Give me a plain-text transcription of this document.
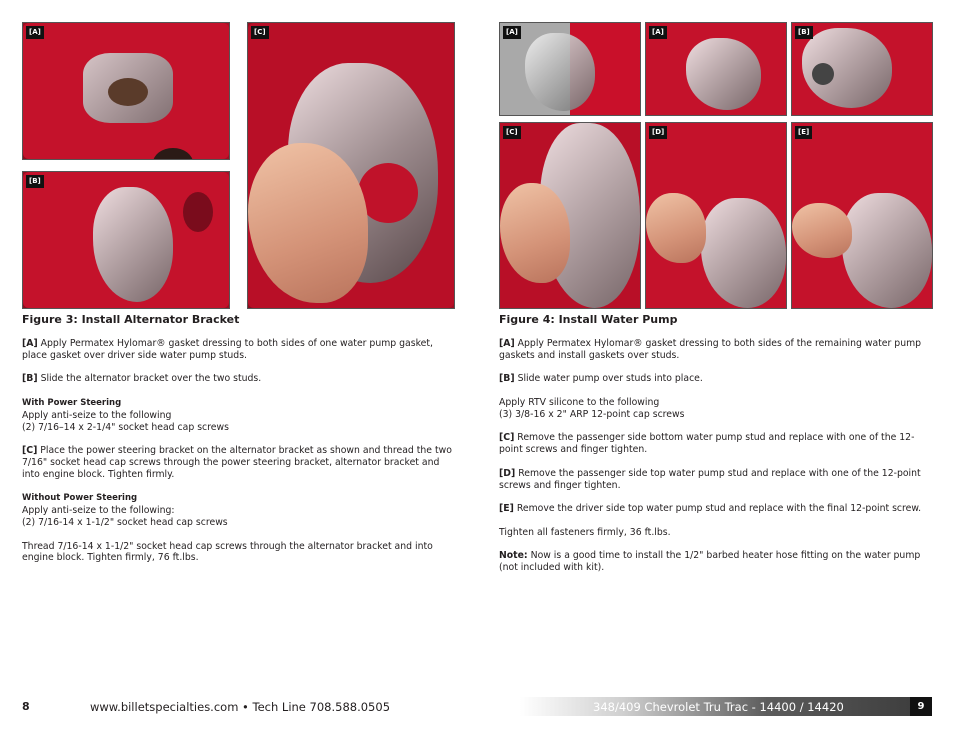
[A]
[B]
[C]	[A]	[A]	[B]
[C]	[D]	[E]
Figure 3: Install Alternator Bracket	Figure 4: Install Water Pump

[A] Apply Permatex Hylomar® gasket dressing to both sides of one water pump gasket, place gasket over driver side water pump studs.

[B] Slide the alternator bracket over the two studs.

With Power Steering
Apply anti-seize to the following
(2) 7/16–14 x 2-1/4" socket head cap screws

[C] Place the power steering bracket on the alternator bracket as shown and thread the two 7/16" socket head cap screws through the power steering bracket, alternator bracket and into engine block. Tighten firmly.

Without Power Steering
Apply anti-seize to the following:
(2) 7/16-14 x 1-1/2" socket head cap screws

Thread 7/16-14 x 1-1/2" socket head cap screws through the alternator bracket and into engine block. Tighten firmly, 76 ft.lbs.

[A] Apply Permatex Hylomar® gasket dressing to both sides of the remaining water pump gaskets and install gaskets over studs.

[B] Slide water pump over studs into place.

Apply RTV silicone to the following
(3) 3/8-16 x 2" ARP 12-point cap screws

[C] Remove the passenger side bottom water pump stud and replace with one of the 12-point screws and finger tighten.

[D] Remove the passenger side top water pump stud and replace with one of the 12-point screws and finger tighten.

[E] Remove the driver side top water pump stud and replace with the final 12-point screw.

Tighten all fasteners firmly, 36 ft.lbs.

Note: Now is a good time to install the 1/2" barbed heater hose fitting on the water pump (not included with kit).

8	www.billetspecialties.com • Tech Line 708.588.0505	348/409 Chevrolet Tru Trac - 14400 / 14420	9
